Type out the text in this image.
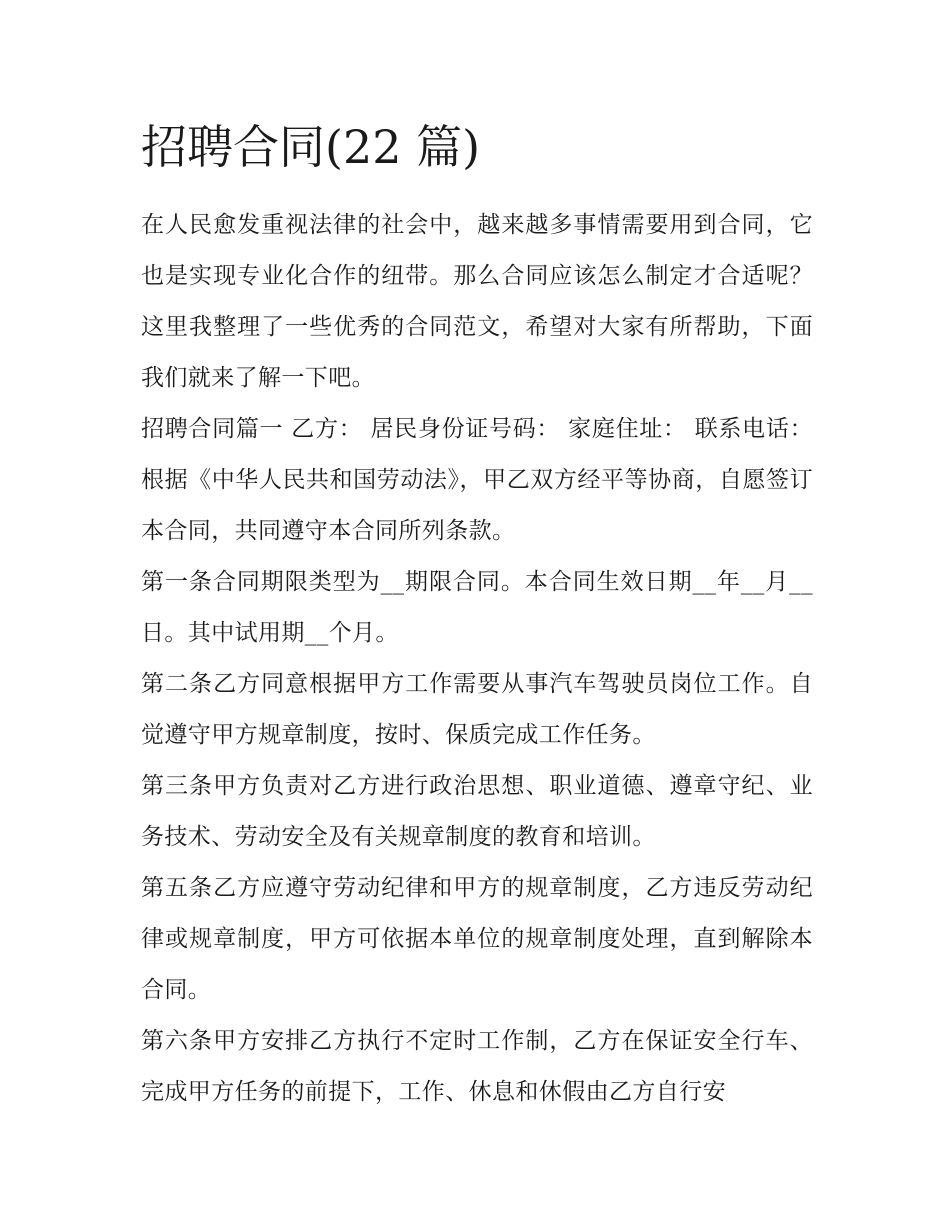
招聘合同(22 篇)

在人民愈发重视法律的社会中，越来越多事情需要用到合同，它也是实现专业化合作的纽带。那么合同应该怎么制定才合适呢？这里我整理了一些优秀的合同范文，希望对大家有所帮助，下面我们就来了解一下吧。

招聘合同篇一 乙方： 居民身份证号码： 家庭住址： 联系电话： 根据《中华人民共和国劳动法》，甲乙双方经平等协商，自愿签订本合同，共同遵守本合同所列条款。

第一条合同期限类型为__期限合同。本合同生效日期__年__月__日。其中试用期__个月。

第二条乙方同意根据甲方工作需要从事汽车驾驶员岗位工作。自觉遵守甲方规章制度，按时、保质完成工作任务。

第三条甲方负责对乙方进行政治思想、职业道德、遵章守纪、业务技术、劳动安全及有关规章制度的教育和培训。

第五条乙方应遵守劳动纪律和甲方的规章制度，乙方违反劳动纪律或规章制度，甲方可依据本单位的规章制度处理，直到解除本合同。

第六条甲方安排乙方执行不定时工作制，乙方在保证安全行车、完成甲方任务的前提下，工作、休息和休假由乙方自行安
